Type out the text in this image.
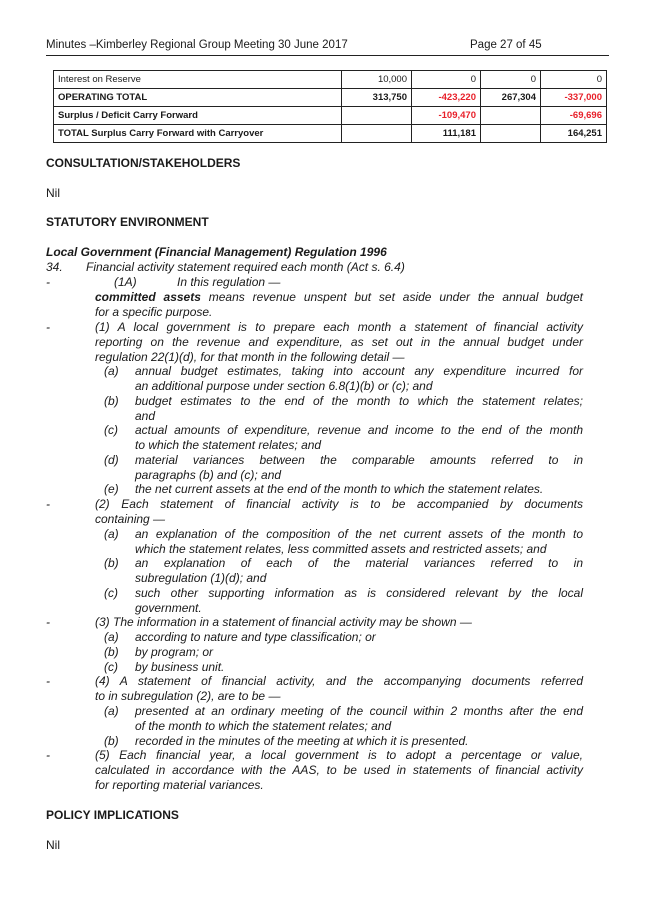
Minutes –Kimberley Regional Group Meeting 30 June 2017	Page 27 of 45
Interest on Reserve	10,000	0	0	0
OPERATING TOTAL	313,750	-423,220	267,304	-337,000
Surplus / Deficit Carry Forward		-109,470		-69,696
TOTAL Surplus Carry Forward with Carryover		111,181		164,251
CONSULTATION/STAKEHOLDERS
Nil
STATUTORY ENVIRONMENT
Local Government (Financial Management) Regulation 1996
34. Financial activity statement required each month (Act s. 6.4)
-	(1A)	In this regulation —
committed assets means revenue unspent but set aside under the annual budget
for a specific purpose.
-	(1) A local government is to prepare each month a statement of financial activity
reporting on the revenue and expenditure, as set out in the annual budget under
regulation 22(1)(d), for that month in the following detail —
(a) annual budget estimates, taking into account any expenditure incurred for
an additional purpose under section 6.8(1)(b) or (c); and
(b) budget estimates to the end of the month to which the statement relates;
and
(c) actual amounts of expenditure, revenue and income to the end of the month
to which the statement relates; and
(d) material variances between the comparable amounts referred to in
paragraphs (b) and (c); and
(e) the net current assets at the end of the month to which the statement relates.
-	(2) Each statement of financial activity is to be accompanied by documents
containing —
(a) an explanation of the composition of the net current assets of the month to
which the statement relates, less committed assets and restricted assets; and
(b) an explanation of each of the material variances referred to in
subregulation (1)(d); and
(c) such other supporting information as is considered relevant by the local
government.
-	(3) The information in a statement of financial activity may be shown —
(a) according to nature and type classification; or
(b) by program; or
(c) by business unit.
-	(4) A statement of financial activity, and the accompanying documents referred
to in subregulation (2), are to be —
(a) presented at an ordinary meeting of the council within 2 months after the end
of the month to which the statement relates; and
(b) recorded in the minutes of the meeting at which it is presented.
-	(5) Each financial year, a local government is to adopt a percentage or value,
calculated in accordance with the AAS, to be used in statements of financial activity
for reporting material variances.
POLICY IMPLICATIONS
Nil
